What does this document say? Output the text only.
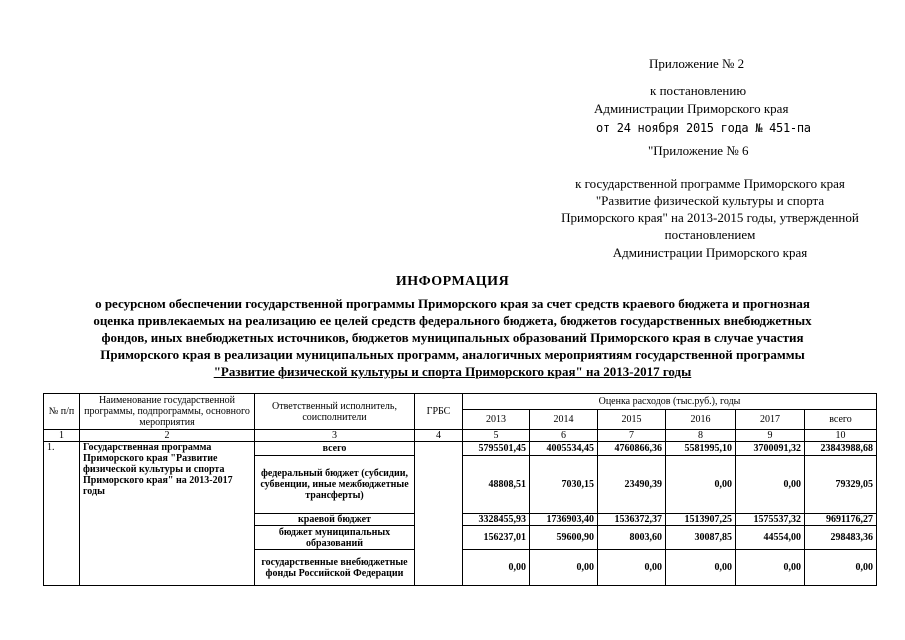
Приложение № 2
к постановлению
Администрации Приморского края
от 24 ноября 2015 года № 451-па
"Приложение № 6
к государственной программе Приморского края
"Развитие физической культуры и спорта
Приморского края" на 2013-2015 годы, утвержденной
постановлением
Администрации Приморского края
ИНФОРМАЦИЯ
о ресурсном обеспечении государственной программы Приморского края за счет средств краевого бюджета и прогнозная
оценка привлекаемых на реализацию ее целей средств федерального бюджета, бюджетов государственных внебюджетных
фондов, иных внебюджетных источников, бюджетов муниципальных образований Приморского края в случае участия
Приморского края в реализации муниципальных программ, аналогичных мероприятиям государственной программы
"Развитие физической культуры и спорта Приморского края" на 2013-2017 годы
№ п/п	Наименование государственной программы, подпрограммы, основного мероприятия	Ответственный исполнитель, соисполнители	ГРБС	Оценка расходов (тыс.руб.), годы					
				2013	2014	2015	2016	2017	всего
1	2	3	4	5	6	7	8	9	10
1.	Государственная программа Приморского края "Развитие физической культуры и спорта Приморского края" на 2013-2017 годы	всего		5795501,45	4005534,45	4760866,36	5581995,10	3700091,32	23843988,68
		федеральный бюджет (субсидии, субвенции, иные межбюджетные трансферты)		48808,51	7030,15	23490,39	0,00	0,00	79329,05
		краевой бюджет		3328455,93	1736903,40	1536372,37	1513907,25	1575537,32	9691176,27
		бюджет муниципальных образований		156237,01	59600,90	8003,60	30087,85	44554,00	298483,36
		государственные внебюджетные фонды Российской Федерации		0,00	0,00	0,00	0,00	0,00	0,00
